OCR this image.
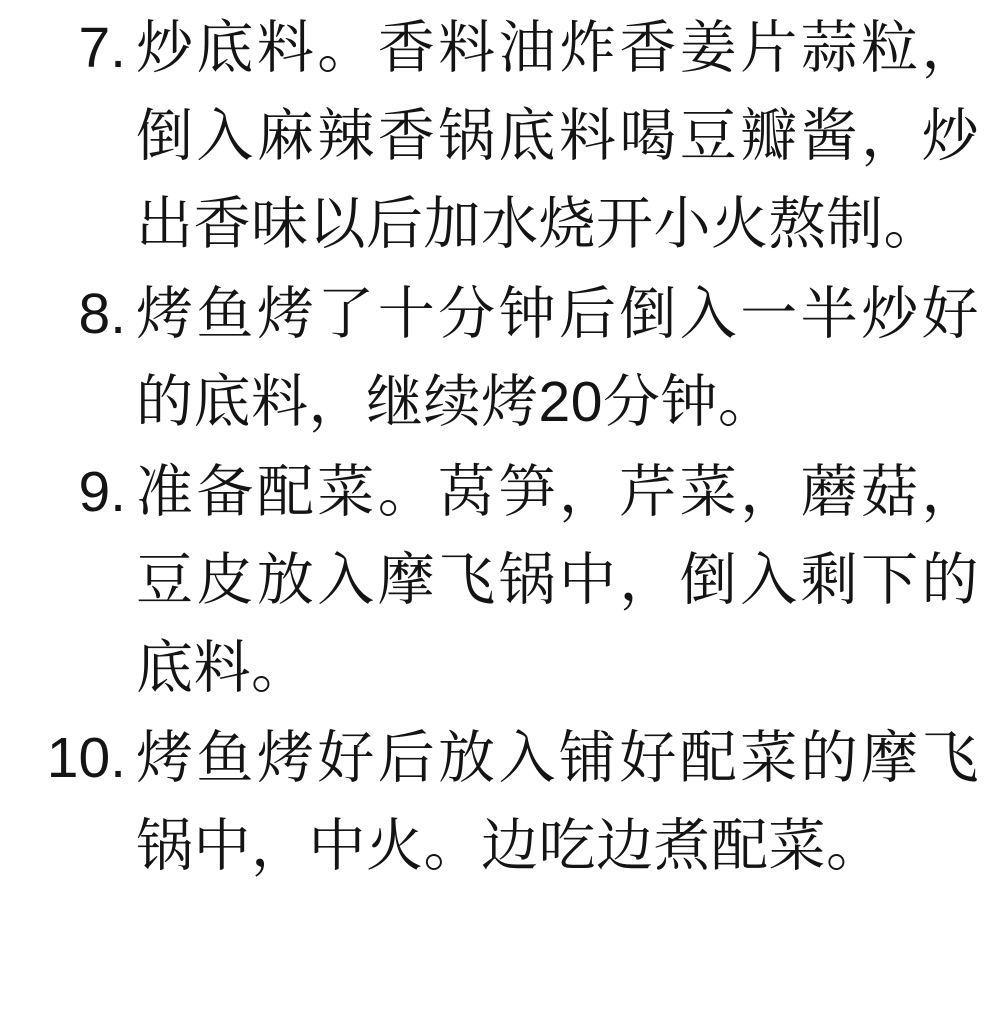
7. 炒底料。香料油炸香姜片蒜粒，倒入麻辣香锅底料喝豆瓣酱，炒出香味以后加水烧开小火熬制。
8. 烤鱼烤了十分钟后倒入一半炒好的底料，继续烤20分钟。
9. 准备配菜。莴笋，芹菜，蘑菇，豆皮放入摩飞锅中，倒入剩下的底料。
10. 烤鱼烤好后放入铺好配菜的摩飞锅中，中火。边吃边煮配菜。
